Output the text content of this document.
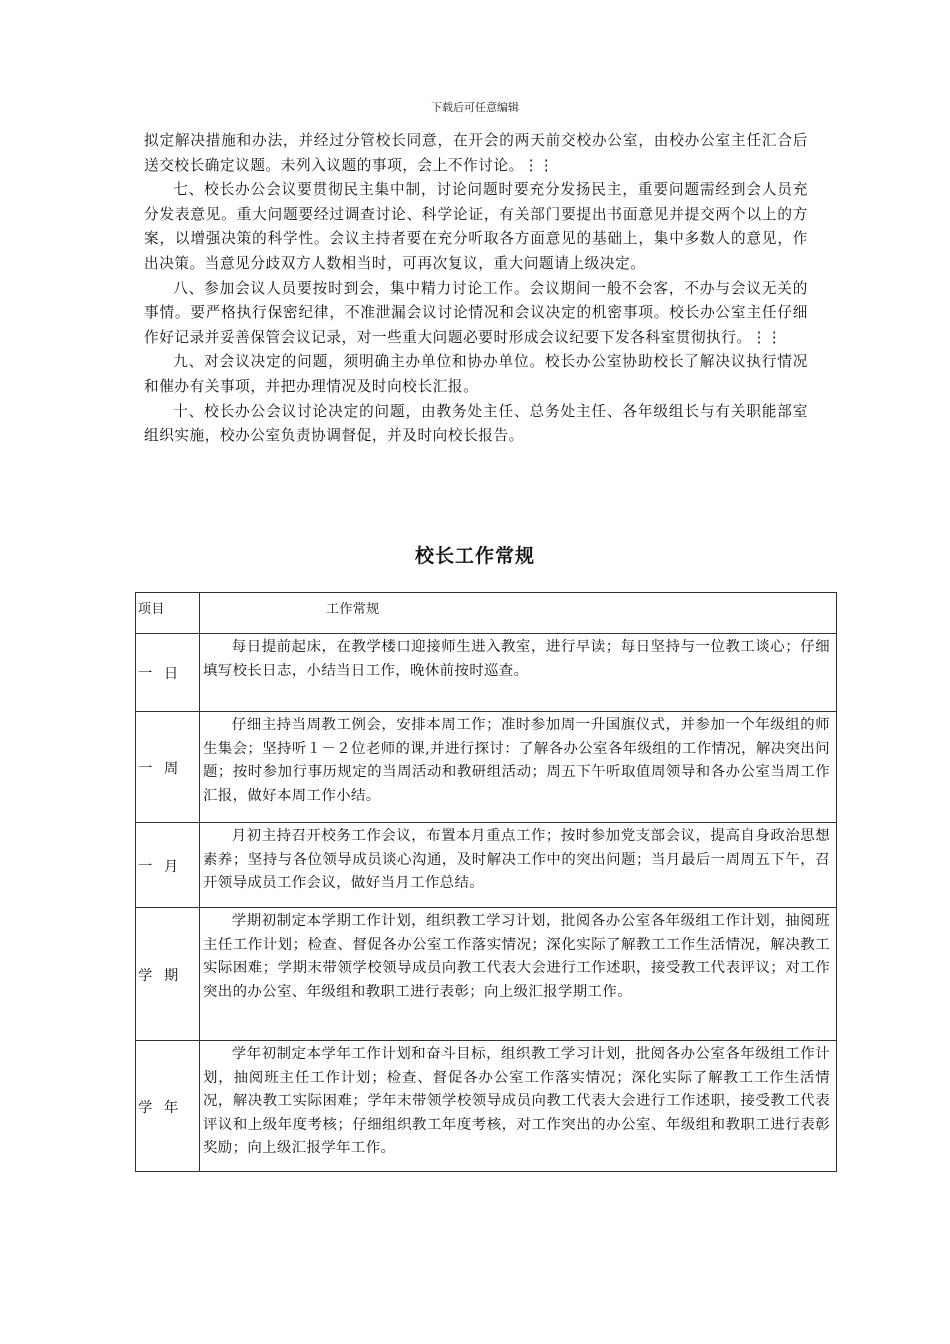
下载后可任意编辑

拟定解决措施和办法，并经过分管校长同意，在开会的两天前交校办公室，由校办公室主任汇合后送交校长确定议题。未列入议题的事项，会上不作讨论。⋮⋮

七、校长办公会议要贯彻民主集中制，讨论问题时要充分发扬民主，重要问题需经到会人员充分发表意见。重大问题要经过调查讨论、科学论证，有关部门要提出书面意见并提交两个以上的方案，以增强决策的科学性。会议主持者要在充分听取各方面意见的基础上，集中多数人的意见，作出决策。当意见分歧双方人数相当时，可再次复议，重大问题请上级决定。

八、参加会议人员要按时到会，集中精力讨论工作。会议期间一般不会客，不办与会议无关的事情。要严格执行保密纪律，不准泄漏会议讨论情况和会议决定的机密事项。校长办公室主任仔细作好记录并妥善保管会议记录，对一些重大问题必要时形成会议纪要下发各科室贯彻执行。⋮⋮

九、对会议决定的问题，须明确主办单位和协办单位。校长办公室协助校长了解决议执行情况和催办有关事项，并把办理情况及时向校长汇报。

十、校长办公会议讨论决定的问题，由教务处主任、总务处主任、各年级组长与有关职能部室组织实施，校办公室负责协调督促，并及时向校长报告。

校长工作常规
项目	工作常规
一日	每日提前起床，在教学楼口迎接师生进入教室，进行早读；每日坚持与一位教工谈心；仔细填写校长日志，小结当日工作，晚休前按时巡查。

一周	仔细主持当周教工例会，安排本周工作；准时参加周一升国旗仪式，并参加一个年级组的师生集会；坚持听１－２位老师的课,并进行探讨：了解各办公室各年级组的工作情况，解决突出问题；按时参加行事历规定的当周活动和教研组活动；周五下午听取值周领导和各办公室当周工作汇报，做好本周工作小结。

一月	月初主持召开校务工作会议，布置本月重点工作；按时参加党支部会议，提高自身政治思想素养；坚持与各位领导成员谈心沟通，及时解决工作中的突出问题；当月最后一周周五下午，召开领导成员工作会议，做好当月工作总结。

学期	学期初制定本学期工作计划，组织教工学习计划，批阅各办公室各年级组工作计划，抽阅班主任工作计划；检查、督促各办公室工作落实情况；深化实际了解教工工作生活情况，解决教工实际困难；学期末带领学校领导成员向教工代表大会进行工作述职，接受教工代表评议；对工作突出的办公室、年级组和教职工进行表彰；向上级汇报学期工作。

学年	学年初制定本学年工作计划和奋斗目标，组织教工学习计划，批阅各办公室各年级组工作计划，抽阅班主任工作计划；检查、督促各办公室工作落实情况；深化实际了解教工工作生活情况，解决教工实际困难；学年末带领学校领导成员向教工代表大会进行工作述职，接受教工代表评议和上级年度考核；仔细组织教工年度考核，对工作突出的办公室、年级组和教职工进行表彰奖励；向上级汇报学年工作。
